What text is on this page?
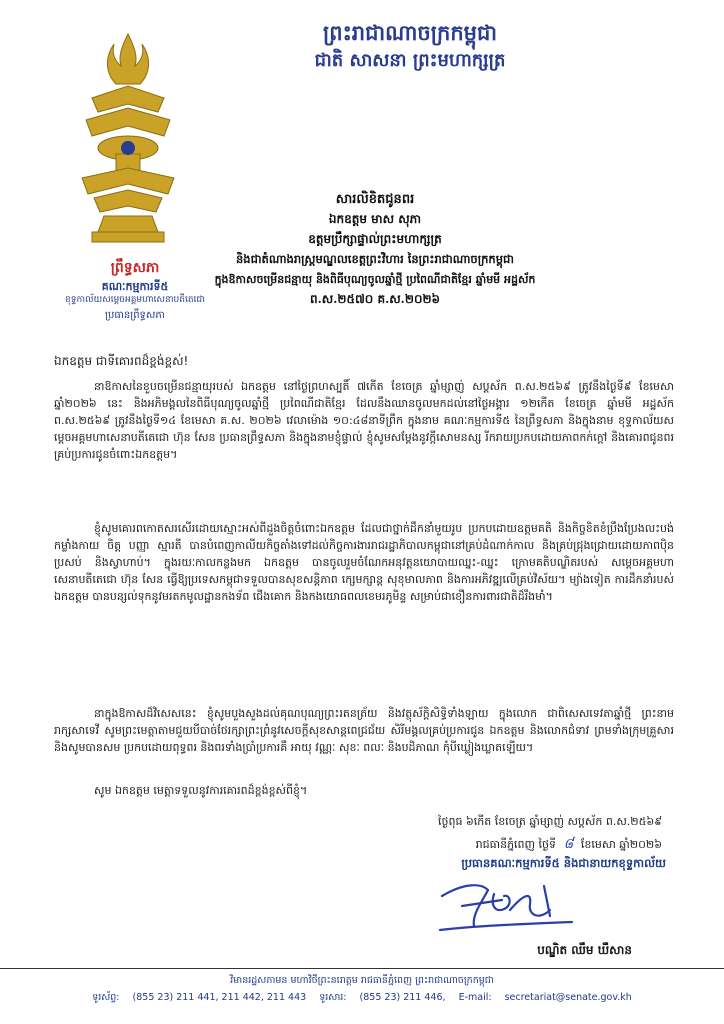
ព្រះរាជាណាចក្រកម្ពុជា
ជាតិ សាសនា ព្រះមហាក្សត្រ
ព្រឹទ្ធសភា
គណៈកម្មការទី៥
ខុទ្ទកាល័យសម្តេចអគ្គមហាសេនាបតីតេជោ
ប្រធានព្រឹទ្ធសភា
សារលិខិតជូនពរ
ឯកឧត្តម មាស សុភា
ឧត្តមប្រឹក្សាផ្ទាល់ព្រះមហាក្សត្រ
និងជាតំណាងរាស្ត្រមណ្ឌលខេត្តព្រះវិហារ នៃព្រះរាជាណាចក្រកម្ពុជា
ក្នុងឱកាសចម្រើនជន្មាយុ និងពិធីបុណ្យចូលឆ្នាំថ្មី ប្រពៃណីជាតិខ្មែរ ឆ្នាំមមី អដ្ឋស័ក
ព.ស.២៥៧០ គ.ស.២០២៦
ឯកឧត្តម ជាទីគោរពដ៏ខ្ពង់ខ្ពស់!
នាឱកាសនៃខួបចម្រើនជន្មាយុរបស់ ឯកឧត្តម នៅថ្ងៃព្រហស្បតិ៍ ៧កើត ខែចេត្រ ឆ្នាំម្សាញ់ សប្តស័ក ព.ស.២៥៦៩ ត្រូវនឹងថ្ងៃទី៩ ខែមេសា ឆ្នាំ២០២៦ នេះ និងអភិមង្គលនៃពិធីបុណ្យចូលឆ្នាំថ្មី ប្រពៃណីជាតិខ្មែរ ដែលនឹងឈានចូលមកដល់នៅថ្ងៃអង្គារ ១២កើត ខែចេត្រ ឆ្នាំមមី អដ្ឋស័ក ព.ស.២៥៦៩ ត្រូវនឹងថ្ងៃទី១៤ ខែមេសា គ.ស. ២០២៦ វេលាម៉ោង ១០:៤៨នាទីព្រឹក ក្នុងនាម គណៈកម្មការទី៥ នៃព្រឹទ្ធសភា និងក្នុងនាម ខុទ្ទកាល័យសម្តេចអគ្គមហាសេនាបតីតេជោ ហ៊ុន សែន ប្រធានព្រឹទ្ធសភា និងក្នុងនាមខ្ញុំផ្ទាល់ ខ្ញុំសូមសម្តែងនូវក្តីសោមនស្ស រីករាយប្រកបដោយភាពកក់ក្តៅ និងគោរពជូនពរគ្រប់ប្រការជូនចំពោះឯកឧត្តម។
ខ្ញុំសូមគោរពកោតសរសើរដោយស្មោះអស់ពីដួងចិត្តចំពោះឯកឧត្តម ដែលជាថ្នាក់ដឹកនាំមួយរូប ប្រកបដោយឧត្តមគតិ និងកិច្ចខិតខំប្រឹងប្រែងលះបង់កម្លាំងកាយ ចិត្ត បញ្ញា ស្មារតី បានបំពេញកាលីយកិច្ចតាំងទៅដល់កិច្ចការងាររាជរដ្ឋាភិបាលកម្ពុជានៅគ្រប់ដំណាក់កាល និងគ្រប់ជ្រុងជ្រោយដោយភាពប៉ិនប្រសប់ និងស្វាហាប់។ ក្នុងរយៈកាលកន្លងមក ឯកឧត្តម បានចូលរួមចំណែកអនុវត្តនយោបាយឈ្នះ-ឈ្នះ ក្រោមគតិបណ្ឌិតរបស់ សម្តេចអគ្គមហាសេនាបតីតេជោ ហ៊ុន សែន ធ្វើឱ្យប្រទេសកម្ពុជាទទួលបានសុខសន្តិភាព ក្សេមក្សាន្ត សុខុមាលភាព និងការអភិវឌ្ឍលើគ្រប់វិស័យ។ ម្យ៉ាងទៀត ការដឹកនាំរបស់ឯកឧត្តម បានបន្សល់ទុកនូវមរតកមូលដ្ឋានកងទ័ព ជើងគោក និងកងយោធពលខេមរភូមិន្ទ សម្រាប់ជាខឿនការពារជាតិដ៏រឹងមាំ។
នាក្នុងឱកាសដ៏វិសេសនេះ ខ្ញុំសូមបួងសួងដល់គុណបុណ្យព្រះរតនត្រ័យ និងវត្ថុស័ក្តិសិទ្ធិទាំងឡាយ ក្នុងលោក ជាពិសេសទេវតាឆ្នាំថ្មី ព្រះនាម រាក្សសាទេវី សូមព្រះមេត្តាតាមជួយបីបាច់ថែរក្សាព្រះព្រំនូវសេចក្តីសុខសាន្តពេជ្រជ័យ សិរីមង្គលគ្រប់ប្រការជូន ឯកឧត្តម និងលោកជំទាវ ព្រមទាំងក្រុមគ្រួសារ និងសូមបានសម ប្រកបដោយពុទ្ធពរ និងពរទាំងប្រាំប្រការគឺ អាយុ វណ្ណៈ សុខៈ ពលៈ និងបដិភាណ កុំបីឃ្លៀងឃ្លាតឡើយ។
សូម ឯកឧត្តម មេត្តាទទួលនូវការគោរពដ៏ខ្ពង់ខ្ពស់ពីខ្ញុំ។
ថ្ងៃពុធ ៦កើត ខែចេត្រ ឆ្នាំម្សាញ់ សប្តស័ក ព.ស.២៥៦៩
រាជធានីភ្នំពេញ ថ្ងៃទី ៨ ខែមេសា ឆ្នាំ២០២៦
ប្រធានគណៈកម្មការទី៥ និងជានាយកខុទ្ទកាល័យ
បណ្ឌិត ឈឹម ឃឺសាន
វិមានរដ្ឋសភាមន មហាវិថីព្រះនរោត្តម រាជធានីភ្នំពេញ ព្រះរាជាណាចក្រកម្ពុជា
ទូរស័ព្ទ: (855 23) 211 441, 211 442, 211 443 ទូរសារ: (855 23) 211 446, E-mail: secretariat@senate.gov.kh
